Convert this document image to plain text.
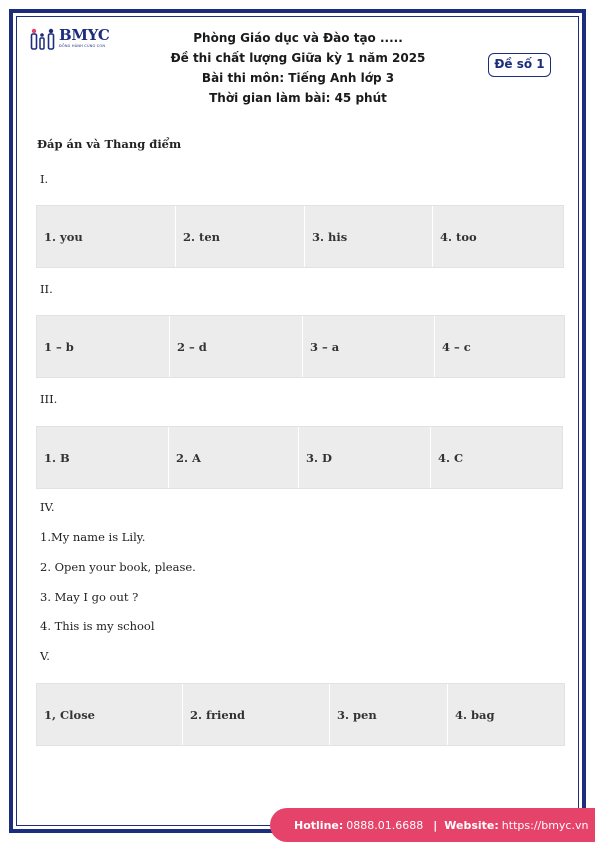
BMYC
ĐỒNG HÀNH CÙNG CON
Phòng Giáo dục và Đào tạo .....
Đề thi chất lượng Giữa kỳ 1 năm 2025
Bài thi môn: Tiếng Anh lớp 3
Thời gian làm bài: 45 phút
Đề số 1
Đáp án và Thang điểm
I.
1. you	2. ten	3. his	4. too
II.
1 – b	2 – d	3 – a	4 – c
III.
1. B	2. A	3. D	4. C
IV.
1.My name is Lily.
2. Open your book, please.
3. May I go out ?
4. This is my school
V.
1, Close	2. friend	3. pen	4. bag
Hotline: 0888.01.6688 | Website: https://bmyc.vn
